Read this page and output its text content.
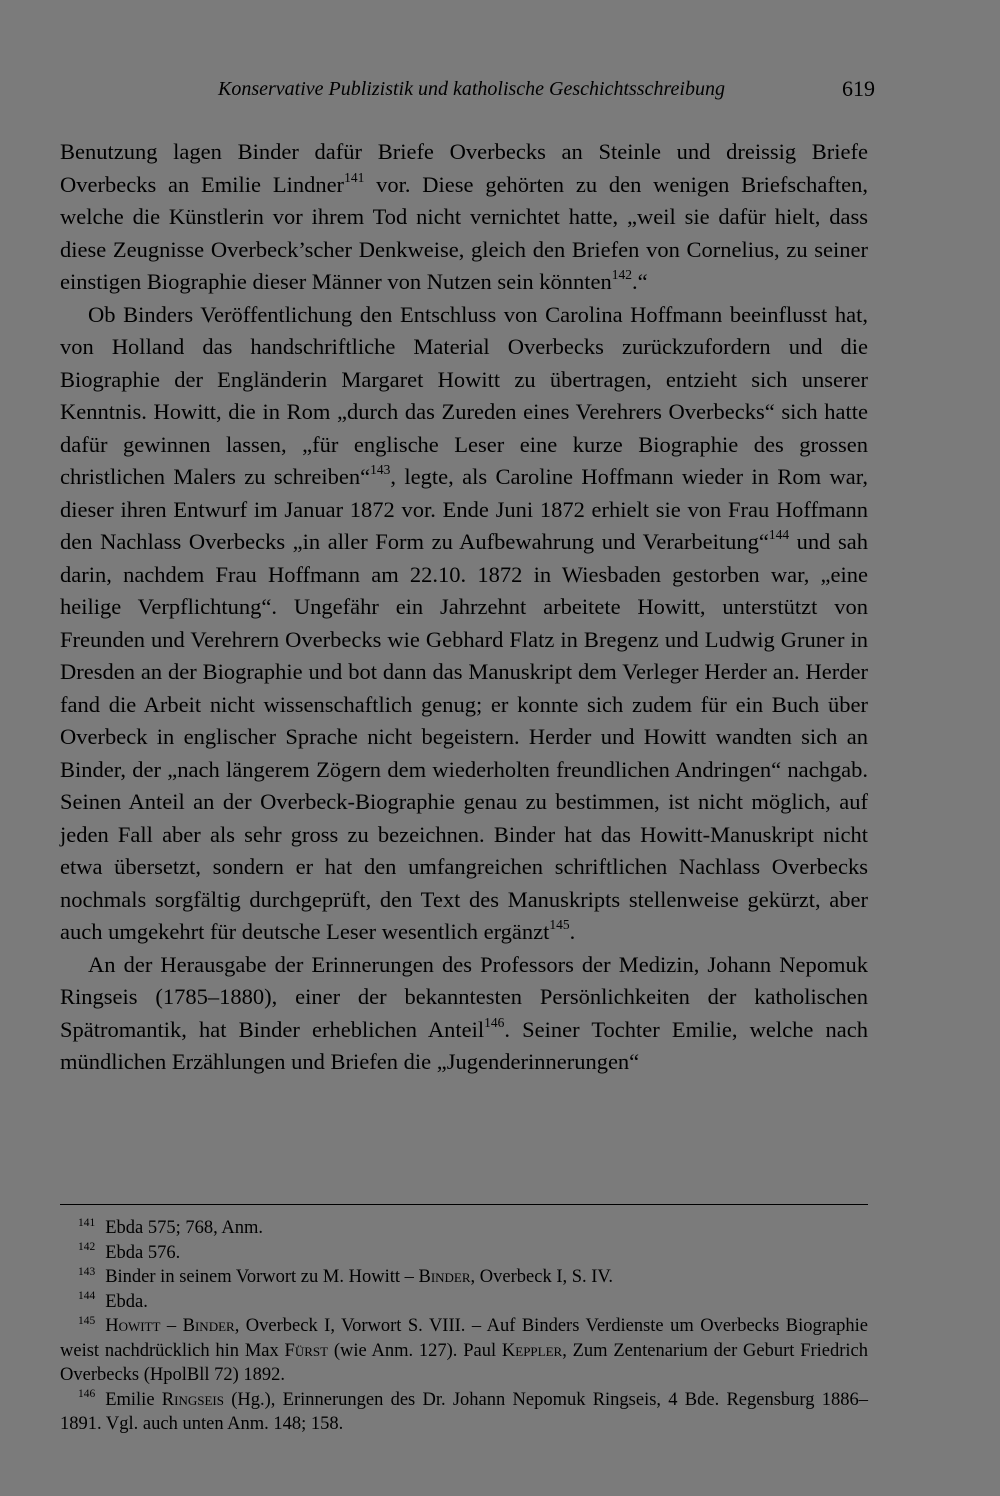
Konservative Publizistik und katholische Geschichtsschreibung	619

Benutzung lagen Binder dafür Briefe Overbecks an Steinle und dreissig Briefe Overbecks an Emilie Lindner$^{141}$ vor. Diese gehörten zu den wenigen Briefschaften, welche die Künstlerin vor ihrem Tod nicht vernichtet hatte, „weil sie dafür hielt, dass diese Zeugnisse Overbeck’scher Denkweise, gleich den Briefen von Cornelius, zu seiner einstigen Biographie dieser Männer von Nutzen sein könnten$^{142}$.“

Ob Binders Veröffentlichung den Entschluss von Carolina Hoffmann beeinflusst hat, von Holland das handschriftliche Material Overbecks zurückzufordern und die Biographie der Engländerin Margaret Howitt zu übertragen, entzieht sich unserer Kenntnis. Howitt, die in Rom „durch das Zureden eines Verehrers Overbecks“ sich hatte dafür gewinnen lassen, „für englische Leser eine kurze Biographie des grossen christlichen Malers zu schreiben“$^{143}$, legte, als Caroline Hoffmann wieder in Rom war, dieser ihren Entwurf im Januar 1872 vor. Ende Juni 1872 erhielt sie von Frau Hoffmann den Nachlass Overbecks „in aller Form zu Aufbewahrung und Verarbeitung“$^{144}$ und sah darin, nachdem Frau Hoffmann am 22.10. 1872 in Wiesbaden gestorben war, „eine heilige Verpflichtung“. Ungefähr ein Jahrzehnt arbeitete Howitt, unterstützt von Freunden und Verehrern Overbecks wie Gebhard Flatz in Bregenz und Ludwig Gruner in Dresden an der Biographie und bot dann das Manuskript dem Verleger Herder an. Herder fand die Arbeit nicht wissenschaftlich genug; er konnte sich zudem für ein Buch über Overbeck in englischer Sprache nicht begeistern. Herder und Howitt wandten sich an Binder, der „nach längerem Zögern dem wiederholten freundlichen Andringen“ nachgab. Seinen Anteil an der Overbeck-Biographie genau zu bestimmen, ist nicht möglich, auf jeden Fall aber als sehr gross zu bezeichnen. Binder hat das Howitt-Manuskript nicht etwa übersetzt, sondern er hat den umfangreichen schriftlichen Nachlass Overbecks nochmals sorgfältig durchgeprüft, den Text des Manuskripts stellenweise gekürzt, aber auch umgekehrt für deutsche Leser wesentlich ergänzt$^{145}$.

An der Herausgabe der Erinnerungen des Professors der Medizin, Johann Nepomuk Ringseis (1785–1880), einer der bekanntesten Persönlichkeiten der katholischen Spätromantik, hat Binder erheblichen Anteil$^{146}$. Seiner Tochter Emilie, welche nach mündlichen Erzählungen und Briefen die „Jugenderinnerungen“

$^{141}$ Ebda 575; 768, Anm.
$^{142}$ Ebda 576.
$^{143}$ Binder in seinem Vorwort zu M. Howitt – Binder, Overbeck I, S. IV.
$^{144}$ Ebda.
$^{145}$ Howitt – Binder, Overbeck I, Vorwort S. VIII. – Auf Binders Verdienste um Overbecks Biographie weist nachdrücklich hin Max Fürst (wie Anm. 127). Paul Keppler, Zum Zentenarium der Geburt Friedrich Overbecks (HpolBll 72) 1892.
$^{146}$ Emilie Ringseis (Hg.), Erinnerungen des Dr. Johann Nepomuk Ringseis, 4 Bde. Regensburg 1886–1891. Vgl. auch unten Anm. 148; 158.
